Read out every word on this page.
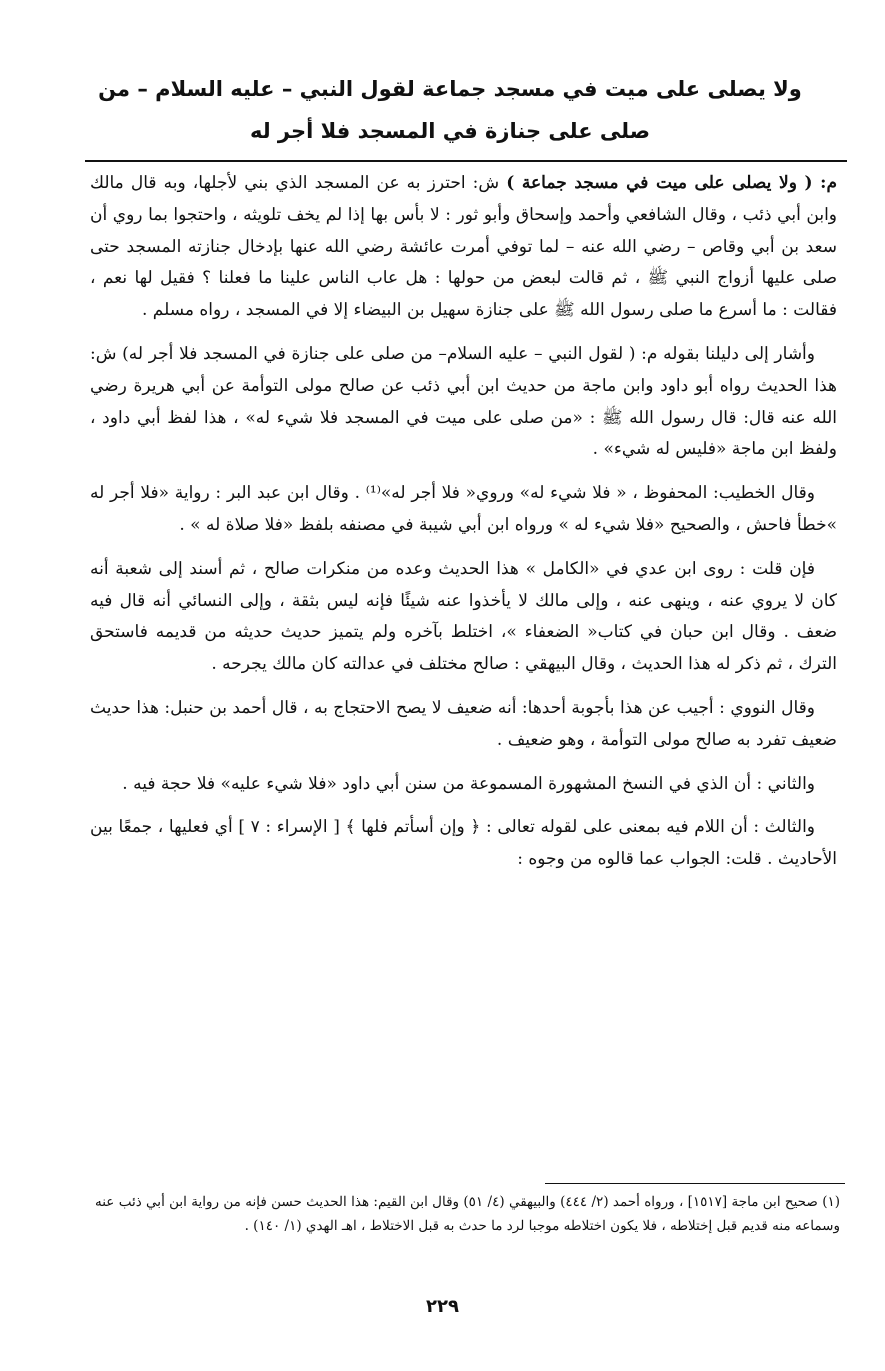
ولا يصلى على ميت في مسجد جماعة لقول النبي – عليه السلام – من صلى على جنازة في المسجد فلا أجر له

م: ( ولا يصلى على ميت في مسجد جماعة ) ش: احترز به عن المسجد الذي بني لأجلها، وبه قال مالك وابن أبي ذئب ، وقال الشافعي وأحمد وإسحاق وأبو ثور : لا بأس بها إذا لم يخف تلويثه ، واحتجوا بما روي أن سعد بن أبي وقاص – رضي الله عنه – لما توفي أمرت عائشة رضي الله عنها بإدخال جنازته المسجد حتى صلى عليها أزواج النبي ﷺ ، ثم قالت لبعض من حولها : هل عاب الناس علينا ما فعلنا ؟ فقيل لها نعم ، فقالت : ما أسرع ما صلى رسول الله ﷺ على جنازة سهيل بن البيضاء إلا في المسجد ، رواه مسلم .

وأشار إلى دليلنا بقوله م: ( لقول النبي – عليه السلام– من صلى على جنازة في المسجد فلا أجر له) ش: هذا الحديث رواه أبو داود وابن ماجة من حديث ابن أبي ذئب عن صالح مولى التوأمة عن أبي هريرة رضي الله عنه قال: قال رسول الله ﷺ : «من صلى على ميت في المسجد فلا شيء له» ، هذا لفظ أبي داود ، ولفظ ابن ماجة «فليس له شيء» .

وقال الخطيب: المحفوظ ، « فلا شيء له» وروي« فلا أجر له»⁽¹⁾ . وقال ابن عبد البر : رواية «فلا أجر له »خطأ فاحش ، والصحيح «فلا شيء له » ورواه ابن أبي شيبة في مصنفه بلفظ «فلا صلاة له » .

فإن قلت : روى ابن عدي في «الكامل » هذا الحديث وعده من منكرات صالح ، ثم أسند إلى شعبة أنه كان لا يروي عنه ، وينهى عنه ، وإلى مالك لا يأخذوا عنه شيئًا فإنه ليس بثقة ، وإلى النسائي أنه قال فيه ضعف . وقال ابن حبان في كتاب« الضعفاء »، اختلط بآخره ولم يتميز حديث حديثه من قديمه فاستحق الترك ، ثم ذكر له هذا الحديث ، وقال البيهقي : صالح مختلف في عدالته كان مالك يجرحه .

وقال النووي : أجيب عن هذا بأجوبة أحدها: أنه ضعيف لا يصح الاحتجاج به ، قال أحمد بن حنبل: هذا حديث ضعيف تفرد به صالح مولى التوأمة ، وهو ضعيف .

والثاني : أن الذي في النسخ المشهورة المسموعة من سنن أبي داود «فلا شيء عليه» فلا حجة فيه .

والثالث : أن اللام فيه بمعنى على لقوله تعالى : ﴿ وإن أسأتم فلها ﴾ [ الإسراء : ٧ ] أي فعليها ، جمعًا بين الأحاديث . قلت: الجواب عما قالوه من وجوه :

(١) صحيح ابن ماجة [١٥١٧] ، ورواه أحمد (٢/ ٤٤٤) والبيهقي (٤/ ٥١) وقال ابن القيم: هذا الحديث حسن فإنه من رواية ابن أبي ذئب عنه وسماعه منه قديم قبل إختلاطه ، فلا يكون اختلاطه موجبا لرد ما حدث به قبل الاختلاط ، اهـ الهدي (١/ ١٤٠) .
٢٢٩
